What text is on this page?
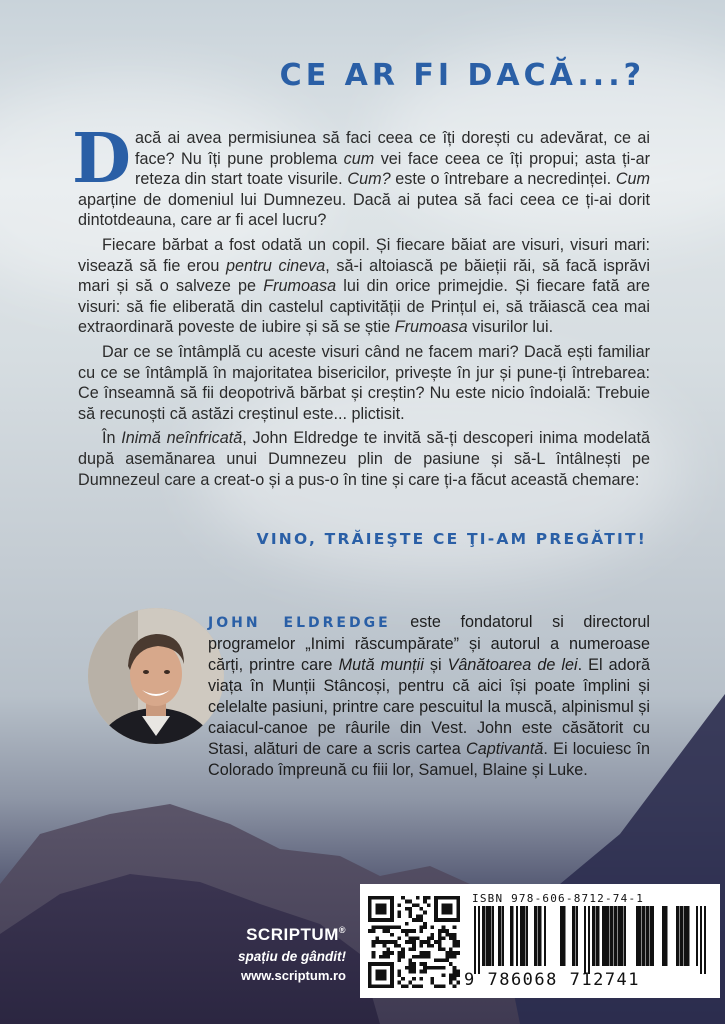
CE AR FI DACĂ...?

D acă ai avea permisiunea să faci ceea ce îți dorești cu adevărat, ce ai face? Nu îți pune problema cum vei face ceea ce îți propui; asta ți-ar reteza din start toate visurile. Cum? este o întrebare a necredinței. Cum aparține de domeniul lui Dumnezeu. Dacă ai putea să faci ceea ce ți-ai dorit dintotdeauna, care ar fi acel lucru?

Fiecare bărbat a fost odată un copil. Și fiecare băiat are visuri, visuri mari: visează să fie erou pentru cineva, să-i altoiască pe băieții răi, să facă isprăvi mari și să o salveze pe Frumoasa lui din orice primejdie. Și fiecare fată are visuri: să fie eliberată din castelul captivității de Prințul ei, să trăiască cea mai extraordinară poveste de iubire și să se știe Frumoasa visurilor lui.

Dar ce se întâmplă cu aceste visuri când ne facem mari? Dacă ești familiar cu ce se întâmplă în majoritatea bisericilor, privește în jur și pune-ți întrebarea: Ce înseamnă să fii deopotrivă bărbat și creștin? Nu este nicio îndoială: Trebuie să recunoști că astăzi creștinul este... plictisit.

În Inimă neînfricată, John Eldredge te invită să-ți descoperi inima modelată după asemănarea unui Dumnezeu plin de pasiune și să-L întâlnești pe Dumnezeul care a creat-o și a pus-o în tine și care ți-a făcut această chemare:

VINO, TRĂIEŞTE CE ŢI-AM PREGĂTIT!

JOHN ELDREDGE este fondatorul si directorul programelor „Inimi răscumpărate” și autorul a numeroase cărți, printre care Mută munții și Vânătoarea de lei. El adoră viața în Munții Stâncoși, pentru că aici își poate împlini și celelalte pasiuni, printre care pescuitul la muscă, alpinismul și caiacul-canoe pe râurile din Vest. John este căsătorit cu Stasi, alături de care a scris cartea Captivantă. Ei locuiesc în Colorado împreună cu fiii lor, Samuel, Blaine și Luke.

SCRIPTUM®
spațiu de gândit!
www.scriptum.ro
ISBN 978-606-8712-74-1
9 786068 712741
